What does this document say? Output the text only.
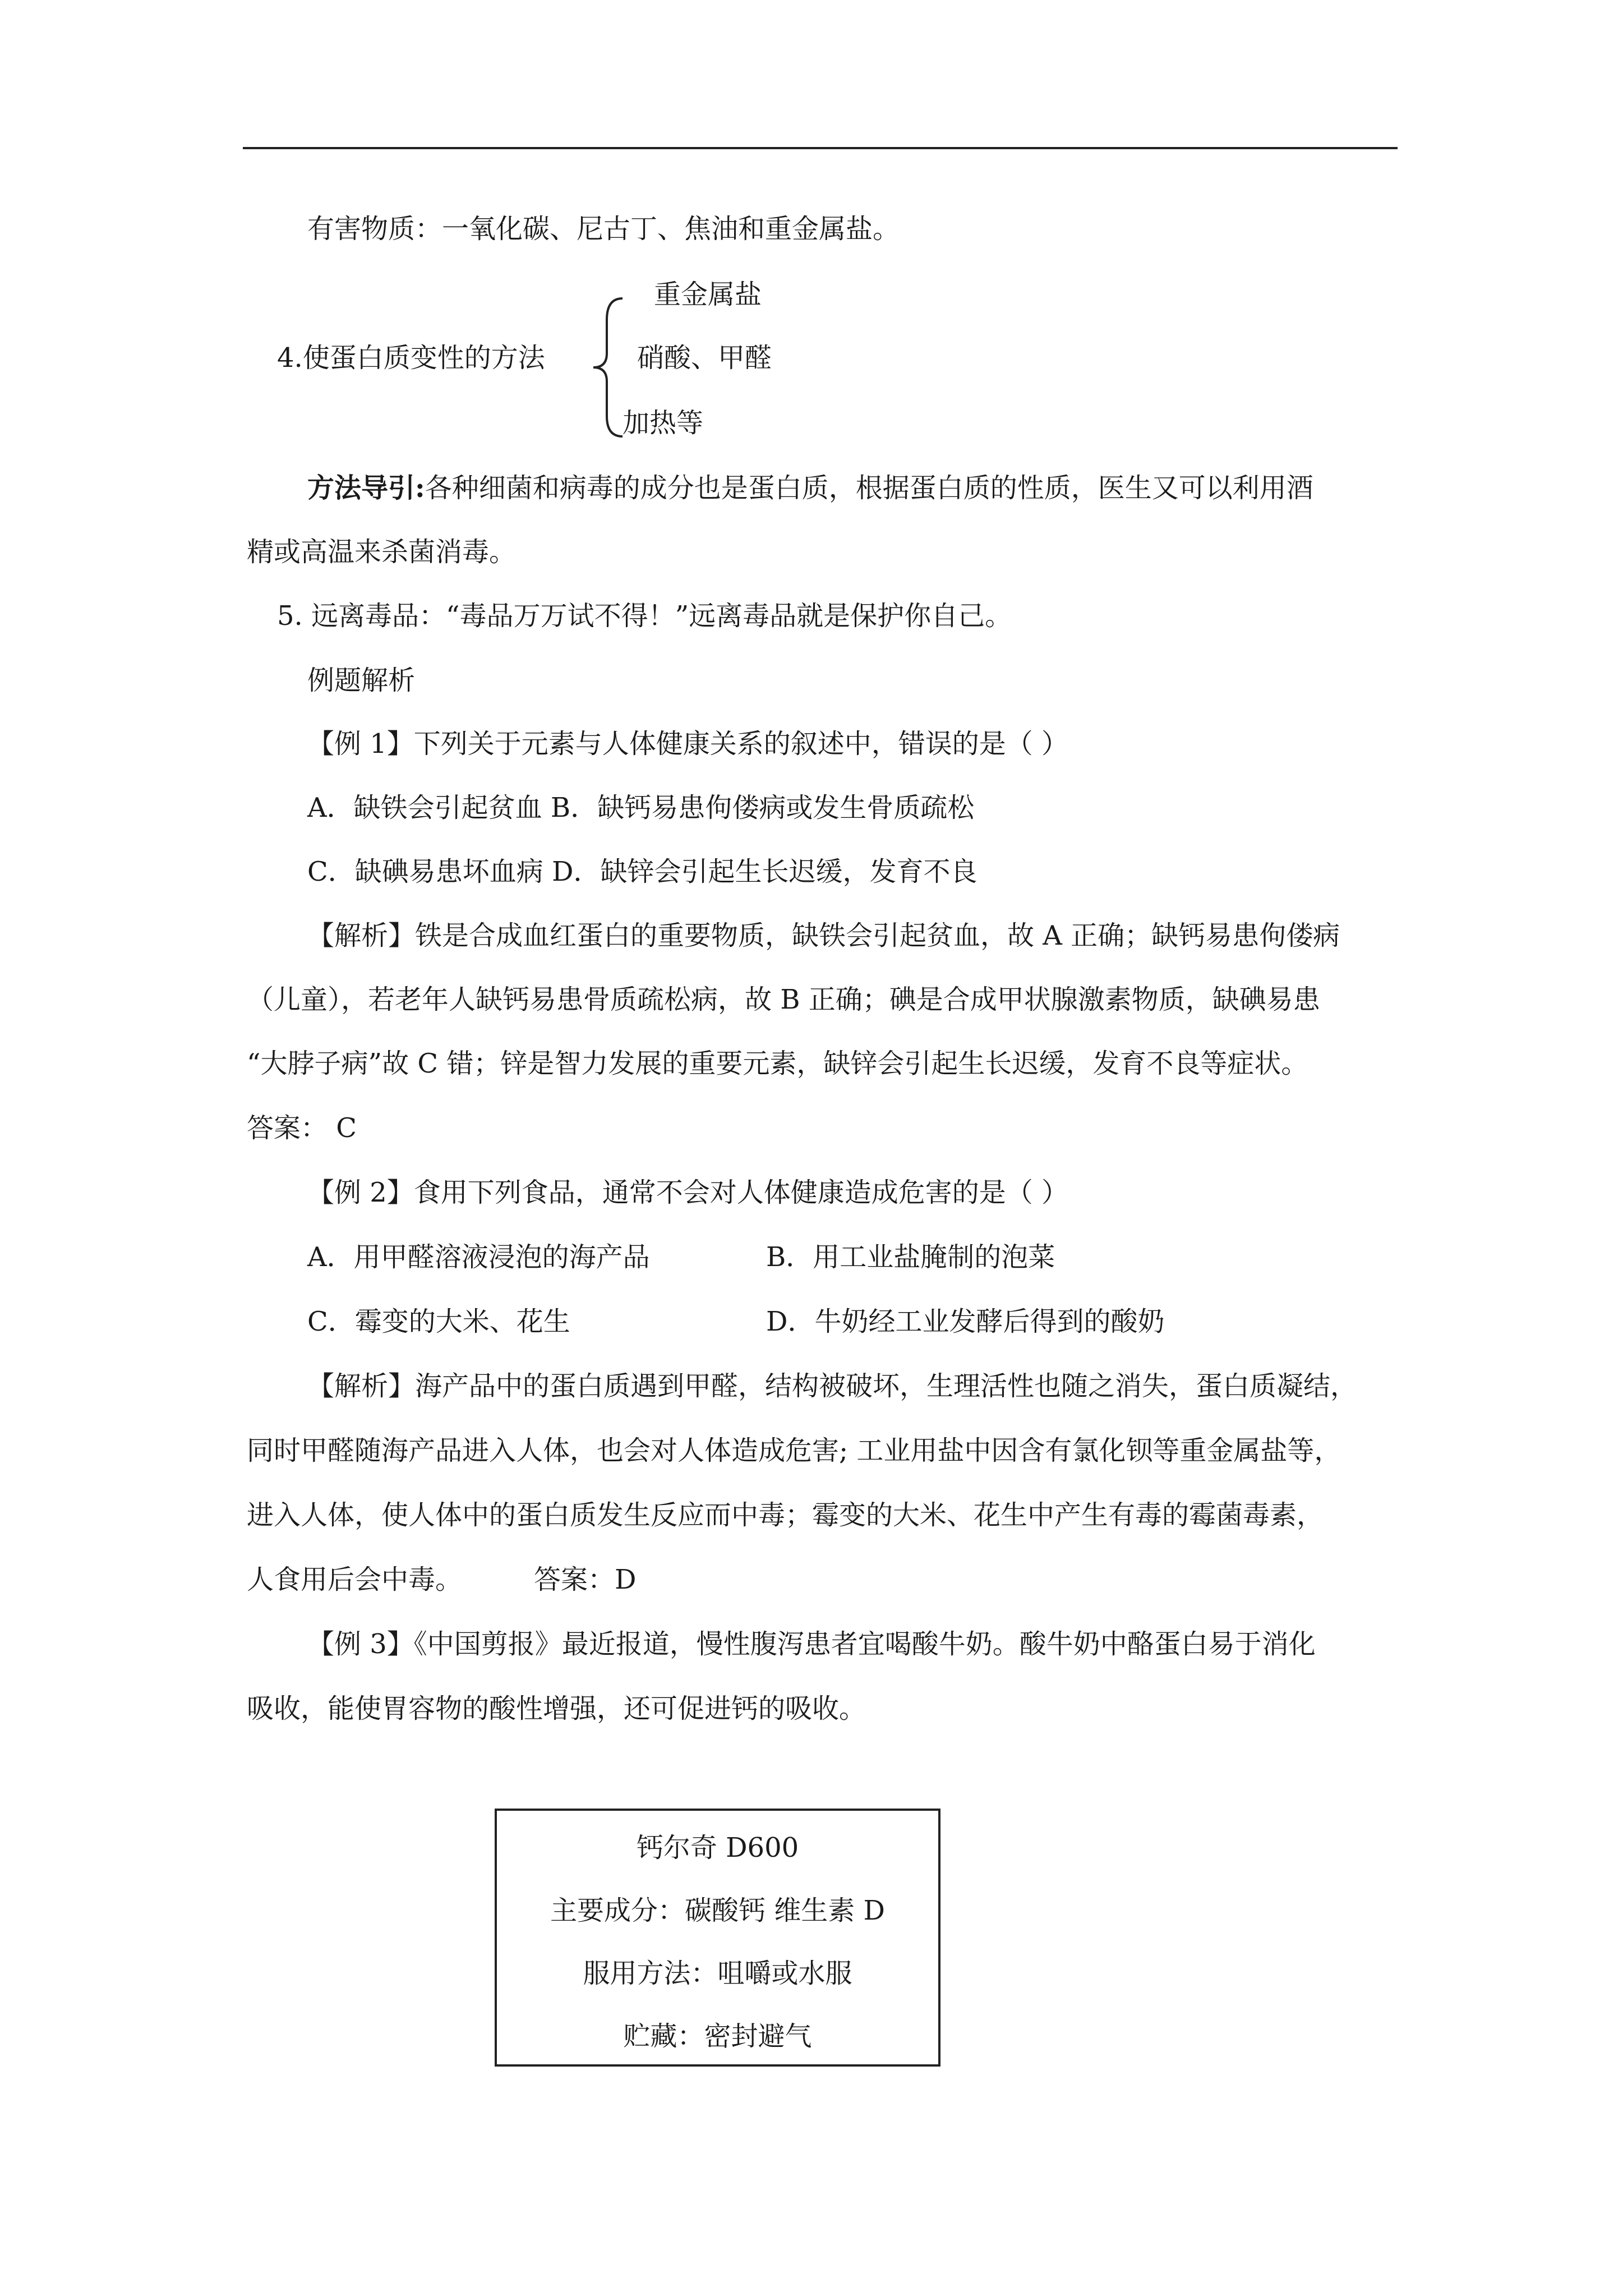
有害物质：一氧化碳、尼古丁、焦油和重金属盐。

4.使蛋白质变性的方法

重金属盐

硝酸、甲醛

加热等

方法导引:各种细菌和病毒的成分也是蛋白质，根据蛋白质的性质，医生又可以利用酒

精或高温来杀菌消毒。

5. 远离毒品：“毒品万万试不得！”远离毒品就是保护你自己。

例题解析

【例 1】下列关于元素与人体健康关系的叙述中，错误的是（ ）

A．缺铁会引起贫血 B．缺钙易患佝偻病或发生骨质疏松

C．缺碘易患坏血病 D．缺锌会引起生长迟缓，发育不良

【解析】铁是合成血红蛋白的重要物质，缺铁会引起贫血，故 A 正确；缺钙易患佝偻病

（儿童），若老年人缺钙易患骨质疏松病，故 B 正确；碘是合成甲状腺激素物质，缺碘易患

“大脖子病”故 C 错；锌是智力发展的重要元素，缺锌会引起生长迟缓，发育不良等症状。

答案： C

【例 2】食用下列食品，通常不会对人体健康造成危害的是（ ）

A．用甲醛溶液浸泡的海产品	B．用工业盐腌制的泡菜

C．霉变的大米、花生	D．牛奶经工业发酵后得到的酸奶

【解析】海产品中的蛋白质遇到甲醛，结构被破坏，生理活性也随之消失，蛋白质凝结，

同时甲醛随海产品进入人体，也会对人体造成危害; 工业用盐中因含有氯化钡等重金属盐等，

进入人体，使人体中的蛋白质发生反应而中毒；霉变的大米、花生中产生有毒的霉菌毒素，

人食用后会中毒。	答案：D

【例 3】《中国剪报》最近报道，慢性腹泻患者宜喝酸牛奶。酸牛奶中酪蛋白易于消化

吸收，能使胃容物的酸性增强，还可促进钙的吸收。

钙尔奇 D600
主要成分：碳酸钙 维生素 D
服用方法：咀嚼或水服
贮藏：密封避气
